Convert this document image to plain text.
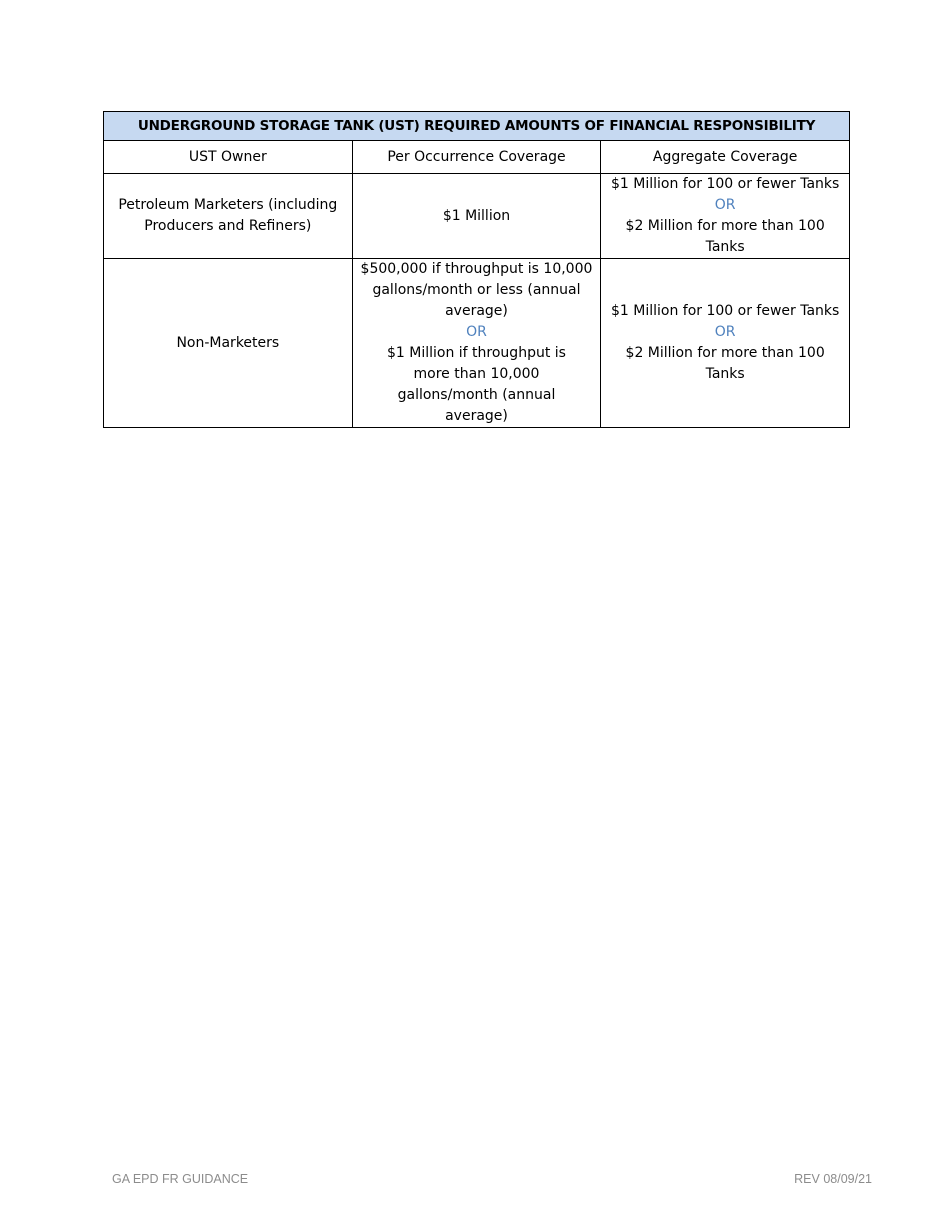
UNDERGROUND STORAGE TANK (UST) REQUIRED AMOUNTS OF FINANCIAL RESPONSIBILITY		
UST Owner	Per Occurrence Coverage	Aggregate Coverage
Petroleum Marketers (including Producers and Refiners)	$1 Million	$1 Million for 100 or fewer Tanks
OR
$2 Million for more than 100 Tanks

Non-Marketers	$500,000 if throughput is 10,000 gallons/month or less (annual average)
OR
$1 Million if throughput is more than 10,000 gallons/month (annual average)	$1 Million for 100 or fewer Tanks
OR
$2 Million for more than 100 Tanks
GA EPD FR GUIDANCE	REV 08/09/21
